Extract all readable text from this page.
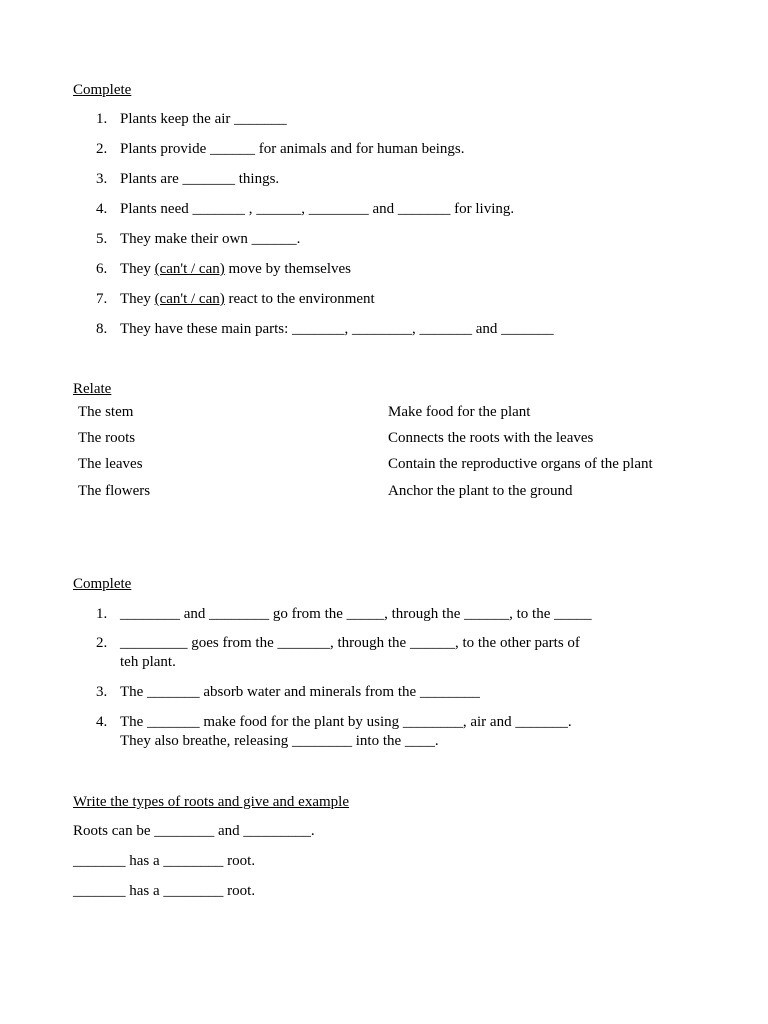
Complete
1. Plants keep the air _______
2. Plants provide ______ for animals and for human beings.
3. Plants are _______ things.
4. Plants need _______ , ______, ________ and _______ for living.
5. They make their own ______.
6. They (can't / can) move by themselves
7. They (can't / can) react to the environment
8. They have these main parts: _______, ________, _______ and _______
Relate
The stem	Make food for the plant
The roots	Connects the roots with the leaves
The leaves	Contain the reproductive organs of the plant
The flowers	Anchor the plant to the ground
Complete
1. ________ and ________ go from the _____, through the ______, to the _____
2. _________ goes from the _______, through the ______, to the other parts of
teh plant.
3. The _______ absorb water and minerals from the ________
4. The _______ make food for the plant by using ________, air and _______.
They also breathe, releasing ________ into the ____.
Write the types of roots and give and example
Roots can be ________ and _________.
_______ has a ________ root.
_______ has a ________ root.
